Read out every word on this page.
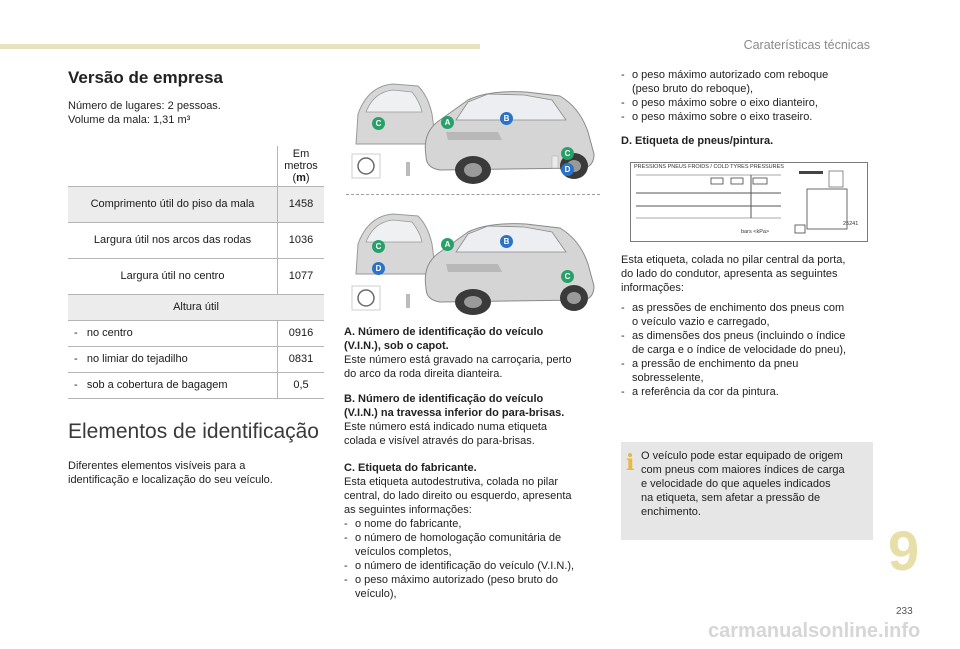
Caraterísticas técnicas
Versão de empresa
Número de lugares: 2 pessoas.
Volume da mala: 1,31 m³

	Em metros
(m)

Comprimento útil do piso da mala	1458
Largura útil nos arcos das rodas	1036
Largura útil no centro	1077
Altura útil	
-   no centro	0916
-   no limiar do tejadilho	0831
-   sob a cobertura de bagagem	0,5
Elementos de identificação
Diferentes elementos visíveis para a
identificação e localização do seu veículo.
C	A	B
C
D
C	A	B
D
C
A. Número de identificação do veículo
(V.I.N.), sob o capot.
Este número está gravado na carroçaria, perto
do arco da roda direita dianteira.
B. Número de identificação do veículo
(V.I.N.) na travessa inferior do para-brisas.
Este número está indicado numa etiqueta
colada e visível através do para-brisas.
C. Etiqueta do fabricante.
Esta etiqueta autodestrutiva, colada no pilar
central, do lado direito ou esquerdo, apresenta
as seguintes informações:
- o nome do fabricante,
- o número de homologação comunitária de
veículos completos,
- o número de identificação do veículo (V.I.N.),
- o peso máximo autorizado (peso bruto do
veículo),
- o peso máximo autorizado com reboque
(peso bruto do reboque),
- o peso máximo sobre o eixo dianteiro,
- o peso máximo sobre o eixo traseiro.
D. Etiqueta de pneus/pintura.
PRESSIONS PNEUS FROIDS / COLD TYRES PRESSURES
bars <kPa>
25241
Esta etiqueta, colada no pilar central da porta,
do lado do condutor, apresenta as seguintes
informações:
- as pressões de enchimento dos pneus com
o veículo vazio e carregado,
- as dimensões dos pneus (incluindo o índice
de carga e o índice de velocidade do pneu),
- a pressão de enchimento da pneu
sobresselente,
- a referência da cor da pintura.
i O veículo pode estar equipado de origem
com pneus com maiores índices de carga
e velocidade do que aqueles indicados
na etiqueta, sem afetar a pressão de
enchimento.
9
233
carmanualsonline.info
